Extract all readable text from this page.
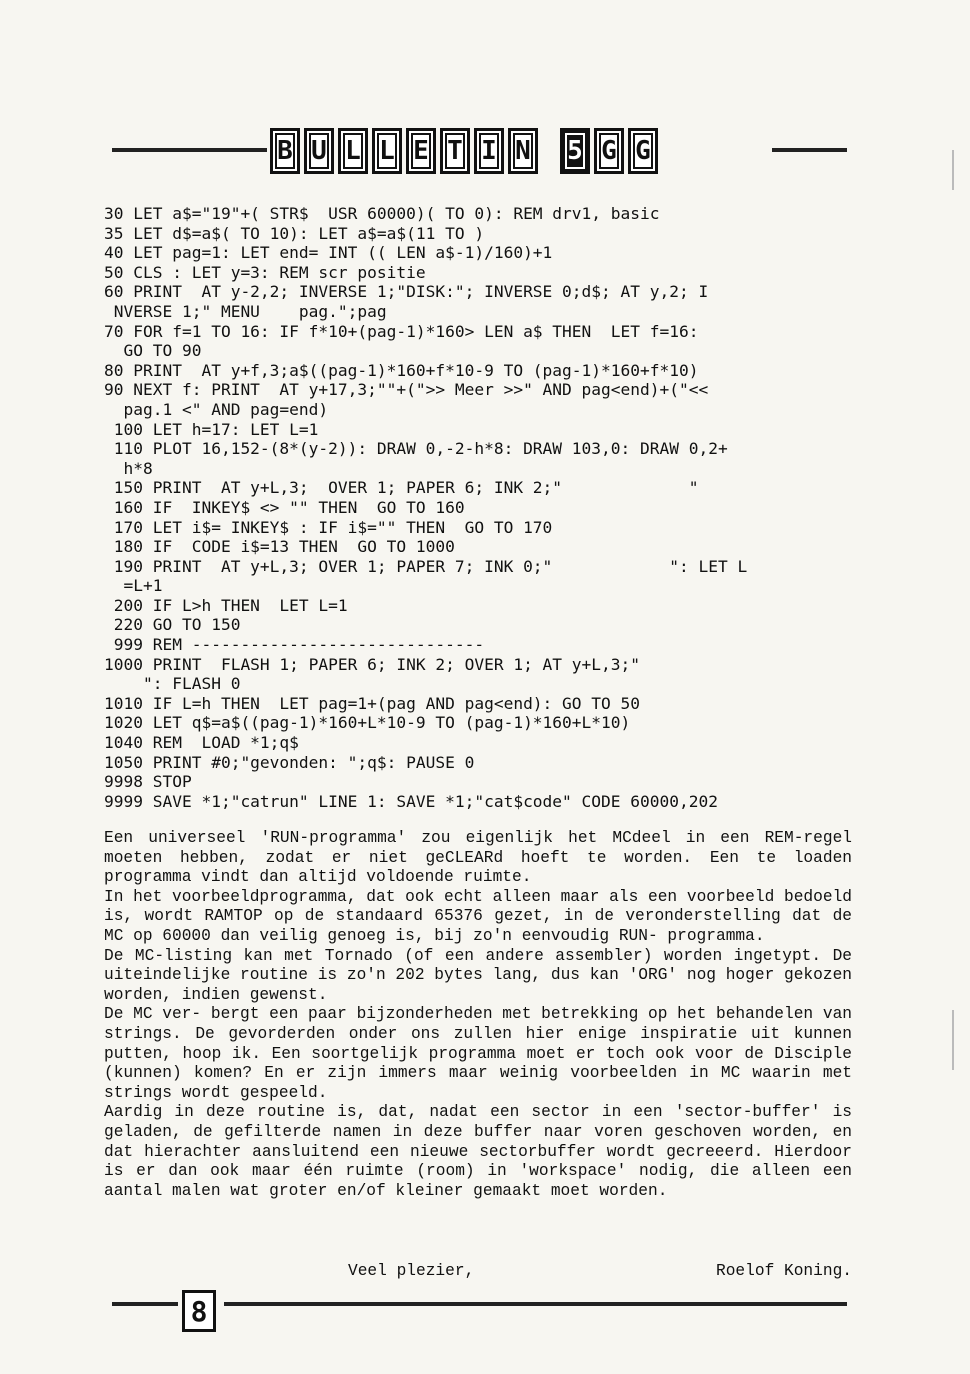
B U L L E T I N 5 G G
30 LET a$="19"+( STR$  USR 60000)( TO 0): REM drv1, basic
35 LET d$=a$( TO 10): LET a$=a$(11 TO )
40 LET pag=1: LET end= INT (( LEN a$-1)/160)+1
50 CLS : LET y=3: REM scr positie
60 PRINT  AT y-2,2; INVERSE 1;"DISK:"; INVERSE 0;d$; AT y,2; I
NVERSE 1;" MENU    pag.";pag
70 FOR f=1 TO 16: IF f*10+(pag-1)*160> LEN a$ THEN  LET f=16:
GO TO 90
80 PRINT  AT y+f,3;a$((pag-1)*160+f*10-9 TO (pag-1)*160+f*10)
90 NEXT f: PRINT  AT y+17,3;""+(">> Meer >>" AND pag<end)+("<<
pag.1 <" AND pag=end)
100 LET h=17: LET L=1
110 PLOT 16,152-(8*(y-2)): DRAW 0,-2-h*8: DRAW 103,0: DRAW 0,2+
h*8
150 PRINT  AT y+L,3;  OVER 1; PAPER 6; INK 2;"             "
160 IF  INKEY$ <> "" THEN  GO TO 160
170 LET i$= INKEY$ : IF i$="" THEN  GO TO 170
180 IF  CODE i$=13 THEN  GO TO 1000
190 PRINT  AT y+L,3; OVER 1; PAPER 7; INK 0;"            ": LET L
=L+1
200 IF L>h THEN  LET L=1
220 GO TO 150
999 REM ------------------------------
1000 PRINT  FLASH 1; PAPER 6; INK 2; OVER 1; AT y+L,3;"
": FLASH 0
1010 IF L=h THEN  LET pag=1+(pag AND pag<end): GO TO 50
1020 LET q$=a$((pag-1)*160+L*10-9 TO (pag-1)*160+L*10)
1040 REM  LOAD *1;q$
1050 PRINT #0;"gevonden: ";q$: PAUSE 0
9998 STOP
9999 SAVE *1;"catrun" LINE 1: SAVE *1;"cat$code" CODE 60000,202

Een universeel 'RUN-programma' zou eigenlijk het MCdeel in een REM-regel moeten hebben, zodat er niet geCLEARd hoeft te worden. Een te loaden programma vindt dan altijd voldoende ruimte.

In het voorbeeldprogramma, dat ook echt alleen maar als een voorbeeld bedoeld is, wordt RAMTOP op de standaard 65376 gezet, in de veronderstelling dat de MC op 60000 dan veilig genoeg is, bij zo'n eenvoudig RUN- programma.

De MC-listing kan met Tornado (of een andere assembler) worden ingetypt. De uiteindelijke routine is zo'n 202 bytes lang, dus kan 'ORG' nog hoger gekozen worden, indien gewenst.

De MC ver- bergt een paar bijzonderheden met betrekking op het behandelen van strings. De gevorderden onder ons zullen hier enige inspiratie uit kunnen putten, hoop ik. Een soortgelijk programma moet er toch ook voor de Disciple (kunnen) komen? En er zijn immers maar weinig voorbeelden in MC waarin met strings wordt gespeeld.

Aardig in deze routine is, dat, nadat een sector in een 'sector-buffer' is geladen, de gefilterde namen in deze buffer naar voren geschoven worden, en dat hierachter aansluitend een nieuwe sectorbuffer wordt gecreeerd. Hierdoor is er dan ook maar één ruimte (room) in 'workspace' nodig, die alleen een aantal malen wat groter en/of kleiner gemaakt moet worden.

Veel plezier,	Roelof Koning.
8
